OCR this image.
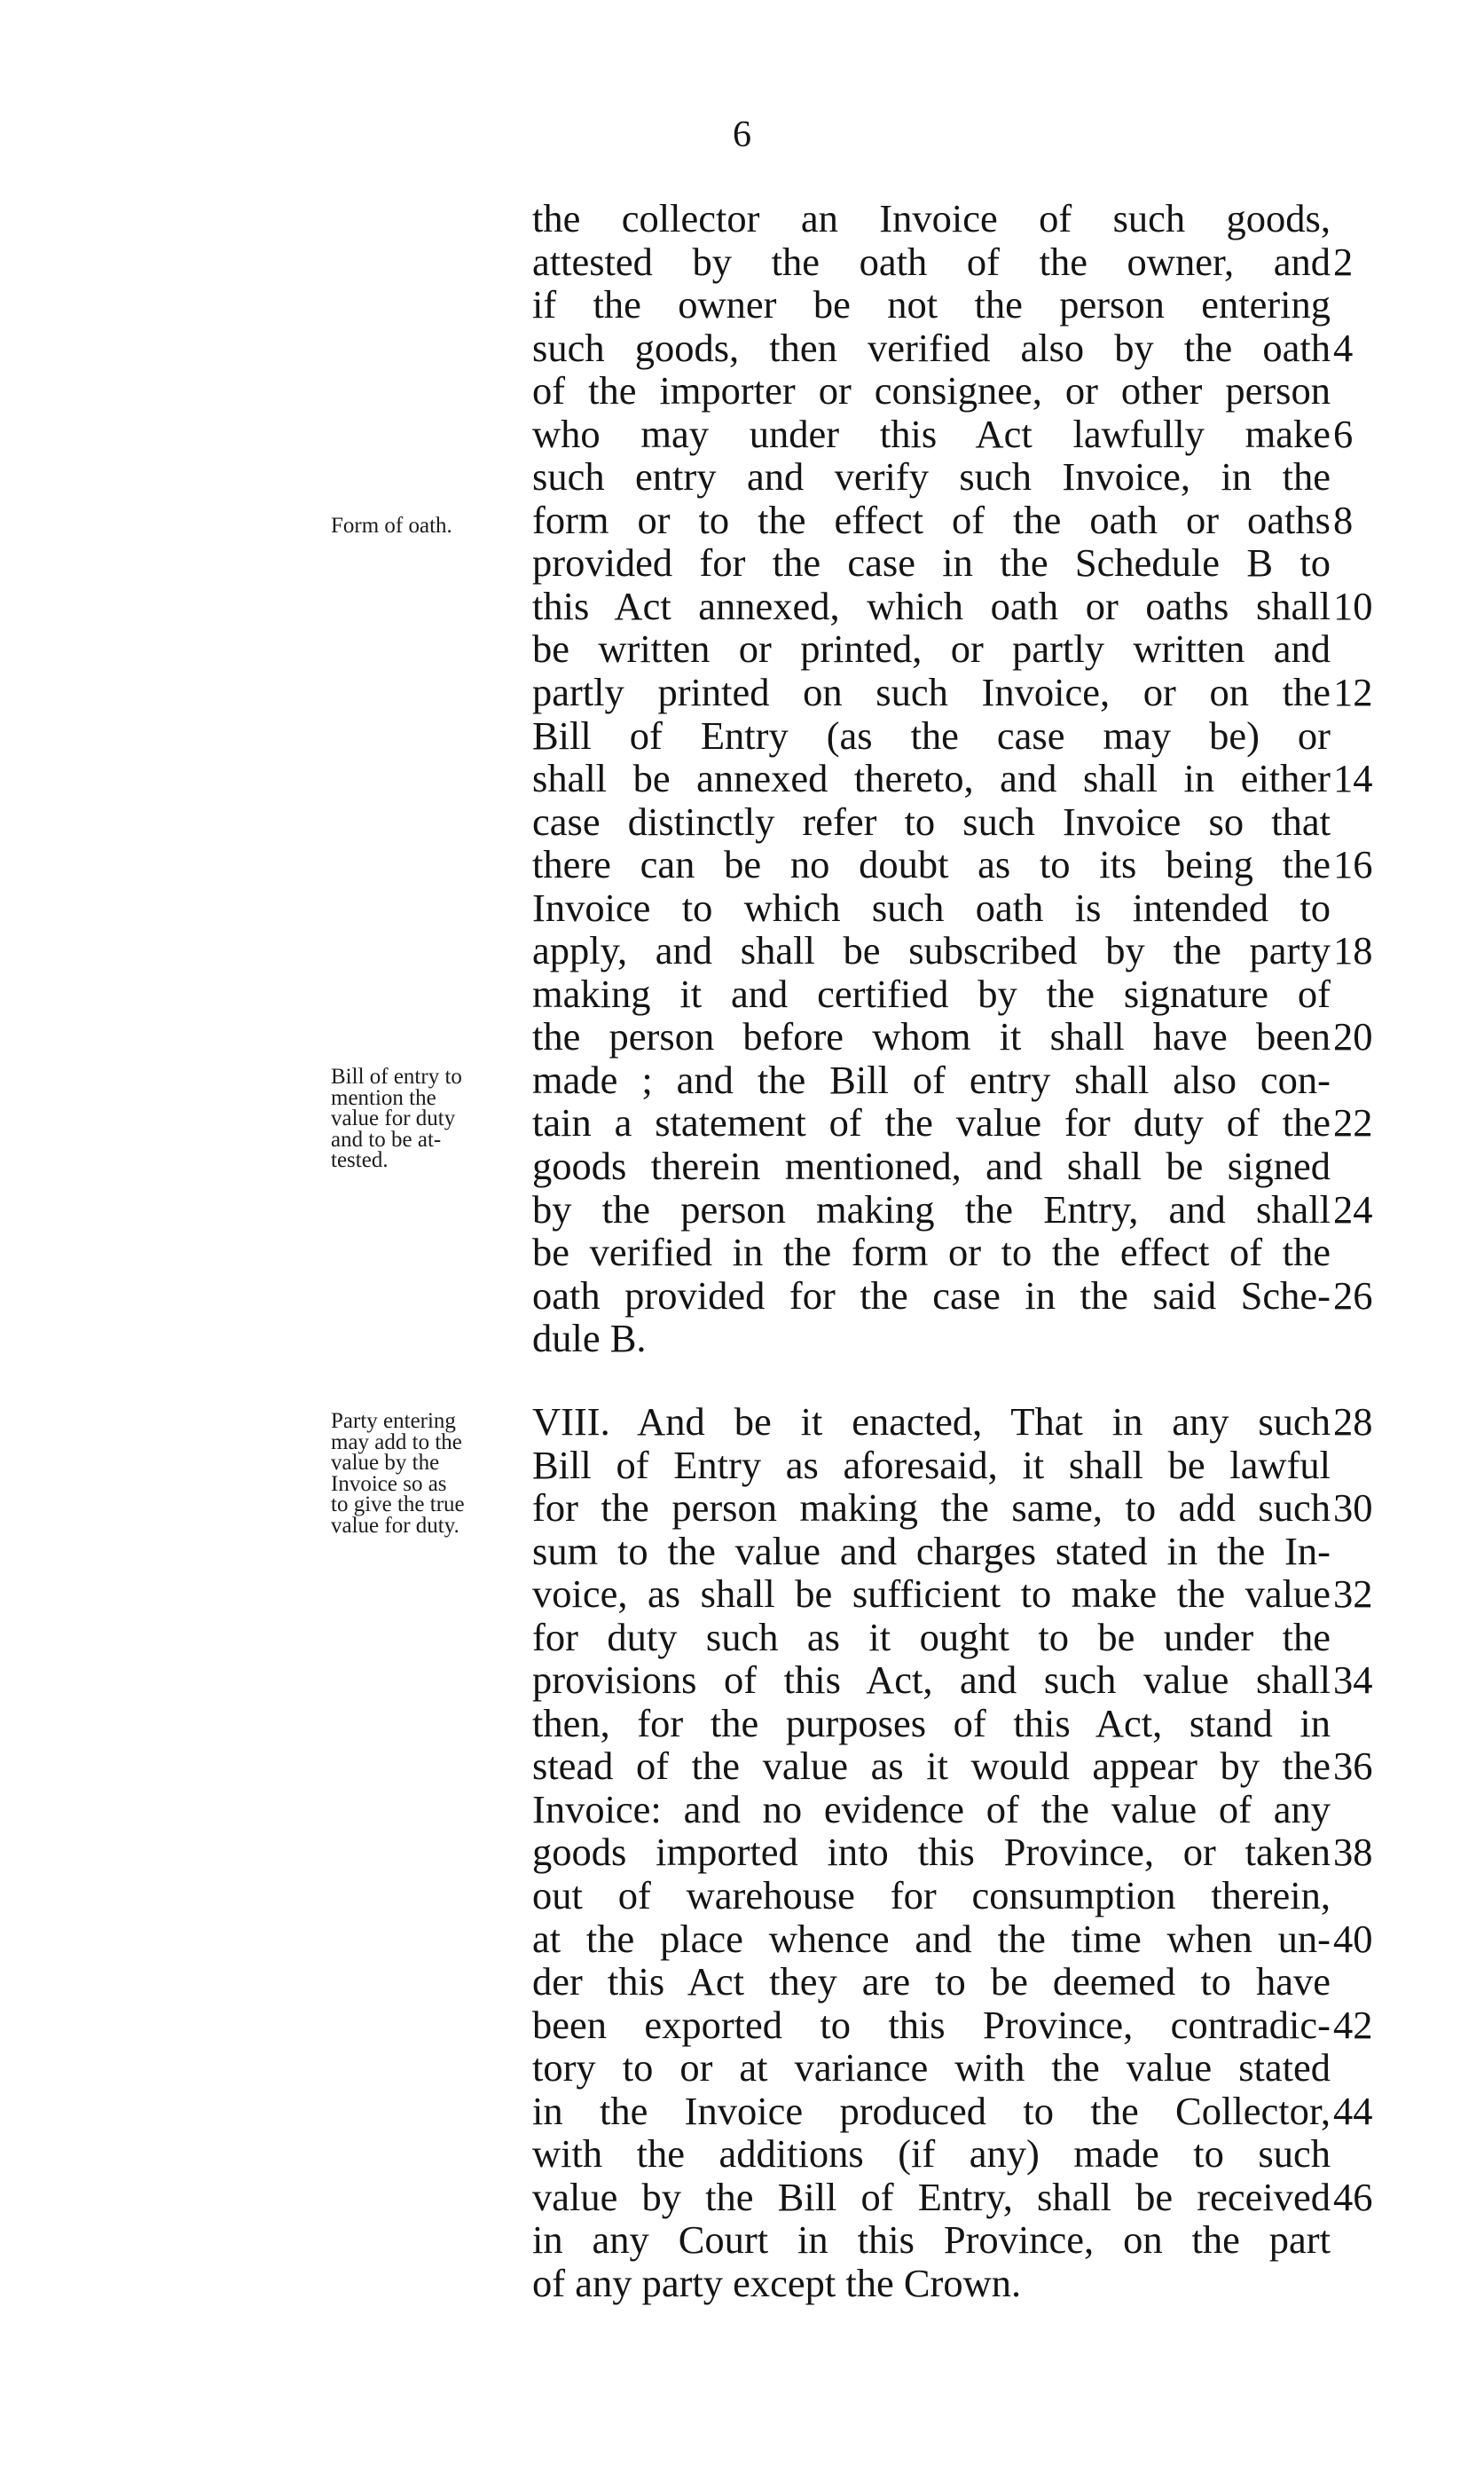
6
Form of oath.
Bill of entry to
mention the
value for duty
and to be at-
tested.
Party entering
may add to the
value by the
Invoice so as
to give the true
value for duty.
the collector an Invoice of such goods,
attested by the oath of the owner, and 2
if the owner be not the person entering
such goods, then verified also by the oath 4
of the importer or consignee, or other person
who may under this Act lawfully make 6
such entry and verify such Invoice, in the
form or to the effect of the oath or oaths 8
provided for the case in the Schedule B to
this Act annexed, which oath or oaths shall 10
be written or printed, or partly written and
partly printed on such Invoice, or on the 12
Bill of Entry (as the case may be) or
shall be annexed thereto, and shall in either 14
case distinctly refer to such Invoice so that
there can be no doubt as to its being the 16
Invoice to which such oath is intended to
apply, and shall be subscribed by the party 18
making it and certified by the signature of
the person before whom it shall have been 20
made ; and the Bill of entry shall also con-
tain a statement of the value for duty of the 22
goods therein mentioned, and shall be signed
by the person making the Entry, and shall 24
be verified in the form or to the effect of the
oath provided for the case in the said Sche- 26
dule B.
VIII. And be it enacted, That in any such 28
Bill of Entry as aforesaid, it shall be lawful
for the person making the same, to add such 30
sum to the value and charges stated in the In-
voice, as shall be sufficient to make the value 32
for duty such as it ought to be under the
provisions of this Act, and such value shall 34
then, for the purposes of this Act, stand in
stead of the value as it would appear by the 36
Invoice: and no evidence of the value of any
goods imported into this Province, or taken 38
out of warehouse for consumption therein,
at the place whence and the time when un- 40
der this Act they are to be deemed to have
been exported to this Province, contradic- 42
tory to or at variance with the value stated
in the Invoice produced to the Collector, 44
with the additions (if any) made to such
value by the Bill of Entry, shall be received 46
in any Court in this Province, on the part
of any party except the Crown.
